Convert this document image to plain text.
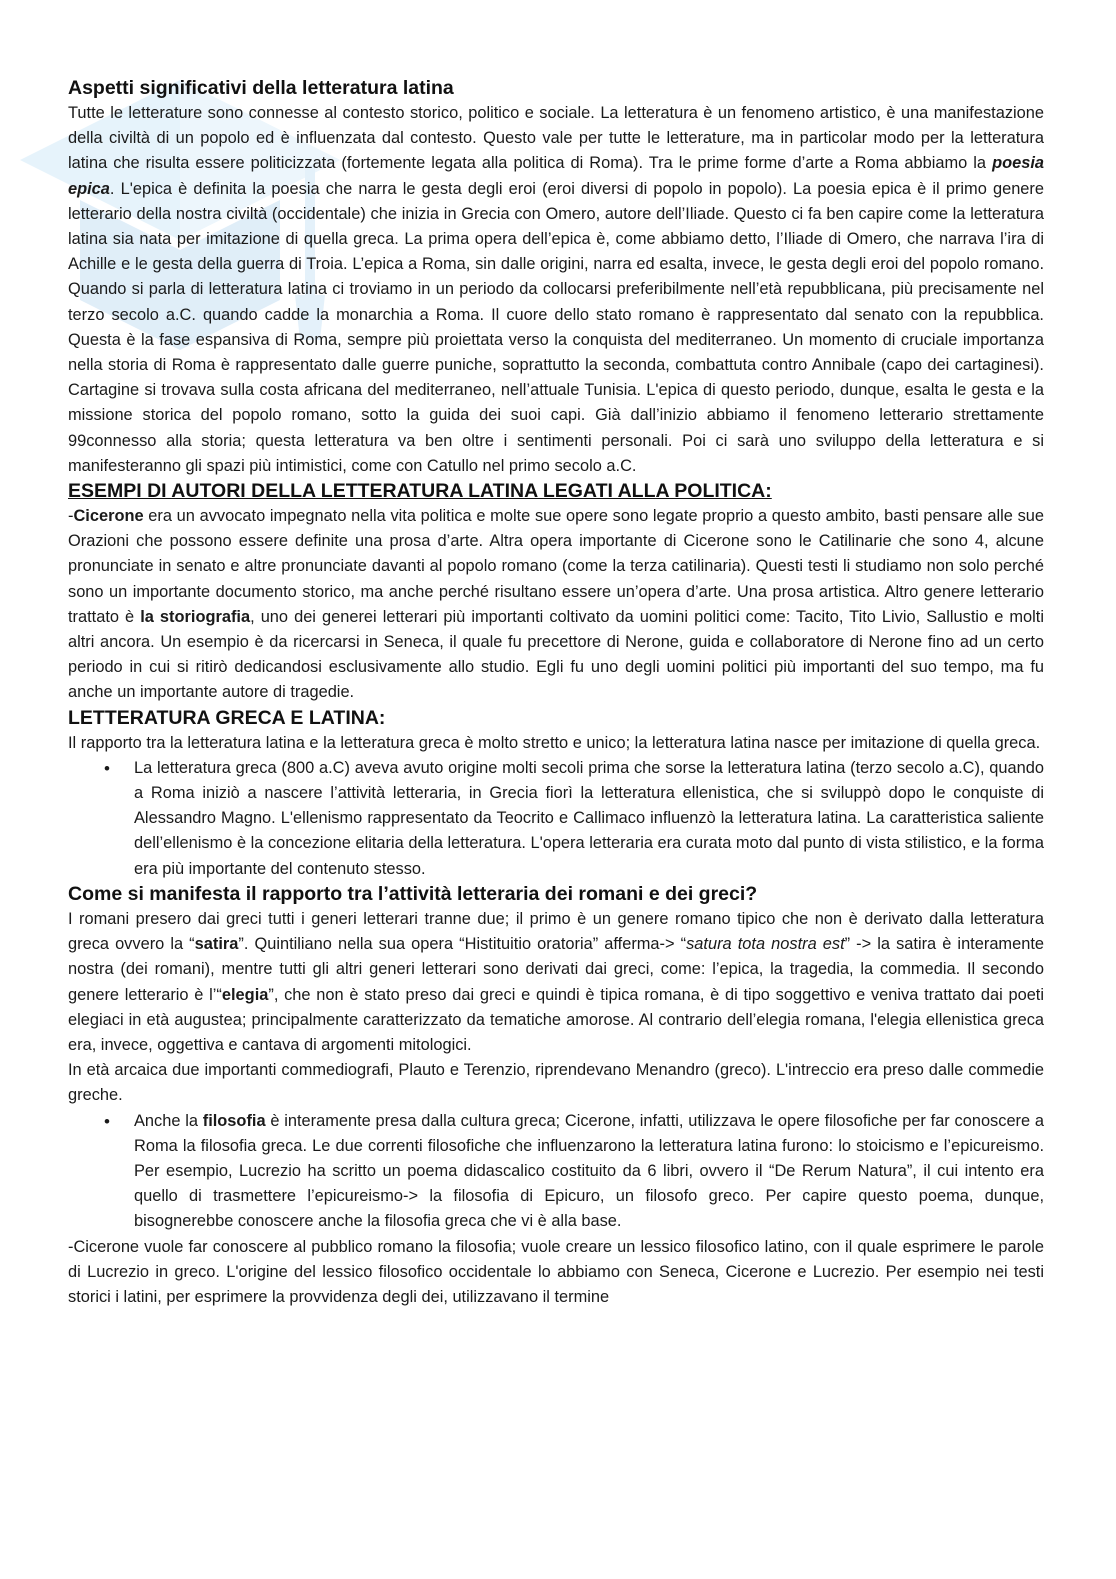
Aspetti significativi della letteratura latina

Tutte le letterature sono connesse al contesto storico, politico e sociale. La letteratura è un fenomeno artistico, è una manifestazione della civiltà di un popolo ed è influenzata dal contesto. Questo vale per tutte le letterature, ma in particolar modo per la letteratura latina che risulta essere politicizzata (fortemente legata alla politica di Roma). Tra le prime forme d’arte a Roma abbiamo la poesia epica. L'epica è definita la poesia che narra le gesta degli eroi (eroi diversi di popolo in popolo). La poesia epica è il primo genere letterario della nostra civiltà (occidentale) che inizia in Grecia con Omero, autore dell’Iliade. Questo ci fa ben capire come la letteratura latina sia nata per imitazione di quella greca. La prima opera dell’epica è, come abbiamo detto, l’Iliade di Omero, che narrava l’ira di Achille e le gesta della guerra di Troia. L’epica a Roma, sin dalle origini, narra ed esalta, invece, le gesta degli eroi del popolo romano. Quando si parla di letteratura latina ci troviamo in un periodo da collocarsi preferibilmente nell’età repubblicana, più precisamente nel terzo secolo a.C. quando cadde la monarchia a Roma. Il cuore dello stato romano è rappresentato dal senato con la repubblica. Questa è la fase espansiva di Roma, sempre più proiettata verso la conquista del mediterraneo. Un momento di cruciale importanza nella storia di Roma è rappresentato dalle guerre puniche, soprattutto la seconda, combattuta contro Annibale (capo dei cartaginesi). Cartagine si trovava sulla costa africana del mediterraneo, nell’attuale Tunisia. L'epica di questo periodo, dunque, esalta le gesta e la missione storica del popolo romano, sotto la guida dei suoi capi. Già dall’inizio abbiamo il fenomeno letterario strettamente 99connesso alla storia; questa letteratura va ben oltre i sentimenti personali. Poi ci sarà uno sviluppo della letteratura e si manifesteranno gli spazi più intimistici, come con Catullo nel primo secolo a.C.

ESEMPI DI AUTORI DELLA LETTERATURA LATINA LEGATI ALLA POLITICA:

-Cicerone era un avvocato impegnato nella vita politica e molte sue opere sono legate proprio a questo ambito, basti pensare alle sue Orazioni che possono essere definite una prosa d’arte. Altra opera importante di Cicerone sono le Catilinarie che sono 4, alcune pronunciate in senato e altre pronunciate davanti al popolo romano (come la terza catilinaria). Questi testi li studiamo non solo perché sono un importante documento storico, ma anche perché risultano essere un’opera d’arte. Una prosa artistica. Altro genere letterario trattato è la storiografia, uno dei generei letterari più importanti coltivato da uomini politici come: Tacito, Tito Livio, Sallustio e molti altri ancora. Un esempio è da ricercarsi in Seneca, il quale fu precettore di Nerone, guida e collaboratore di Nerone fino ad un certo periodo in cui si ritirò dedicandosi esclusivamente allo studio. Egli fu uno degli uomini politici più importanti del suo tempo, ma fu anche un importante autore di tragedie.

LETTERATURA GRECA E LATINA:

Il rapporto tra la letteratura latina e la letteratura greca è molto stretto e unico; la letteratura latina nasce per imitazione di quella greca.

• La letteratura greca (800 a.C) aveva avuto origine molti secoli prima che sorse la letteratura latina (terzo secolo a.C), quando a Roma iniziò a nascere l’attività letteraria, in Grecia fiorì la letteratura ellenistica, che si sviluppò dopo le conquiste di Alessandro Magno. L'ellenismo rappresentato da Teocrito e Callimaco influenzò la letteratura latina. La caratteristica saliente dell’ellenismo è la concezione elitaria della letteratura. L'opera letteraria era curata moto dal punto di vista stilistico, e la forma era più importante del contenuto stesso.
Come si manifesta il rapporto tra l’attività letteraria dei romani e dei greci?

I romani presero dai greci tutti i generi letterari tranne due; il primo è un genere romano tipico che non è derivato dalla letteratura greca ovvero la “satira”. Quintiliano nella sua opera “Histituitio oratoria” afferma-> “satura tota nostra est” -> la satira è interamente nostra (dei romani), mentre tutti gli altri generi letterari sono derivati dai greci, come: l’epica, la tragedia, la commedia. Il secondo genere letterario è l’“elegia”, che non è stato preso dai greci e quindi è tipica romana, è di tipo soggettivo e veniva trattato dai poeti elegiaci in età augustea; principalmente caratterizzato da tematiche amorose. Al contrario dell’elegia romana, l'elegia ellenistica greca era, invece, oggettiva e cantava di argomenti mitologici.

In età arcaica due importanti commediografi, Plauto e Terenzio, riprendevano Menandro (greco). L'intreccio era preso dalle commedie greche.

• Anche la filosofia è interamente presa dalla cultura greca; Cicerone, infatti, utilizzava le opere filosofiche per far conoscere a Roma la filosofia greca. Le due correnti filosofiche che influenzarono la letteratura latina furono: lo stoicismo e l’epicureismo. Per esempio, Lucrezio ha scritto un poema didascalico costituito da 6 libri, ovvero il “De Rerum Natura”, il cui intento era quello di trasmettere l’epicureismo-> la filosofia di Epicuro, un filosofo greco. Per capire questo poema, dunque, bisognerebbe conoscere anche la filosofia greca che vi è alla base.

-Cicerone vuole far conoscere al pubblico romano la filosofia; vuole creare un lessico filosofico latino, con il quale esprimere le parole di Lucrezio in greco. L'origine del lessico filosofico occidentale lo abbiamo con Seneca, Cicerone e Lucrezio. Per esempio nei testi storici i latini, per esprimere la provvidenza degli dei, utilizzavano il termine
